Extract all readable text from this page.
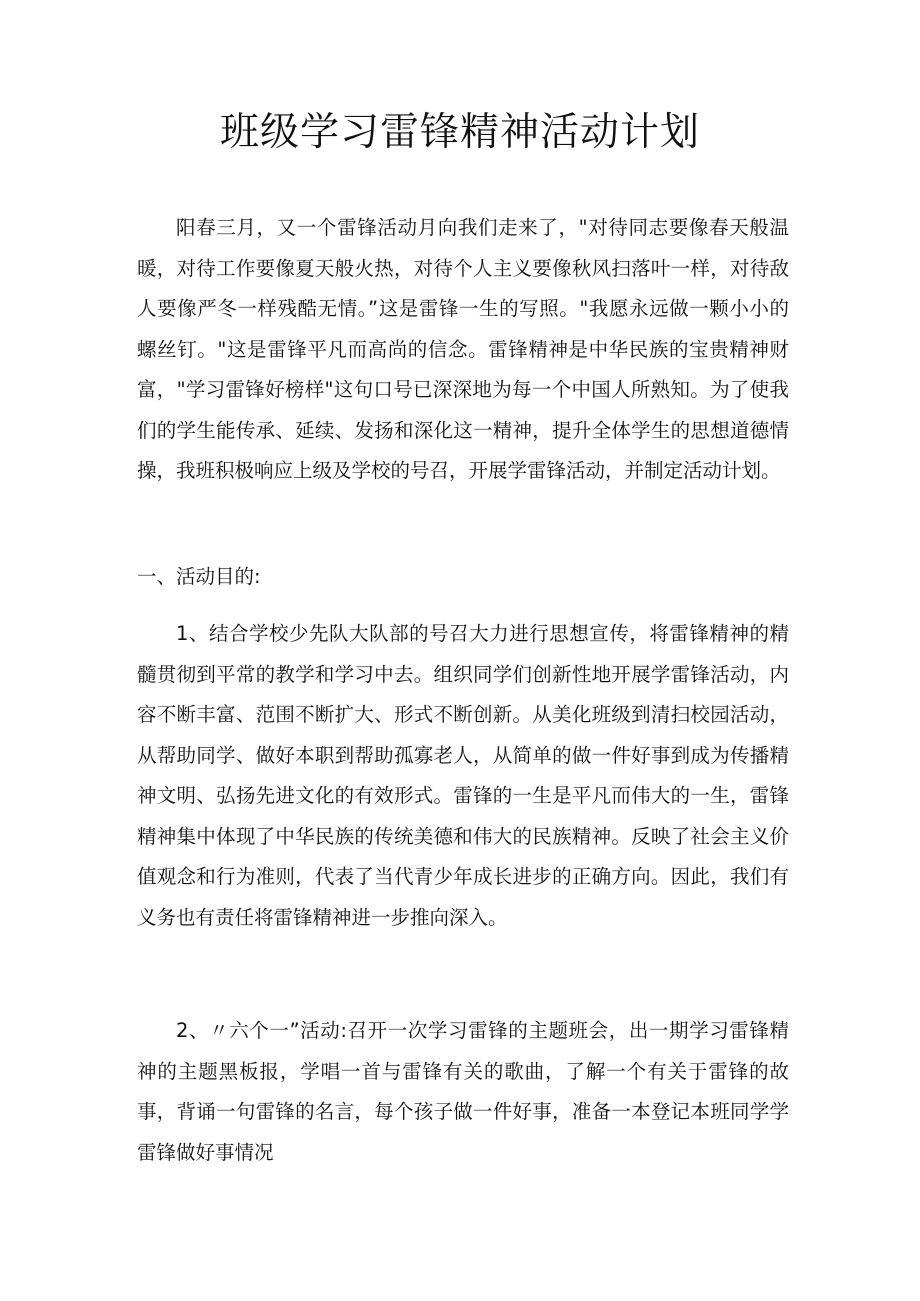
班级学习雷锋精神活动计划

阳春三月，又一个雷锋活动月向我们走来了，"对待同志要像春天般温暖，对待工作要像夏天般火热，对待个人主义要像秋风扫落叶一样，对待敌人要像严冬一样残酷无情。”这是雷锋一生的写照。"我愿永远做一颗小小的螺丝钉。"这是雷锋平凡而高尚的信念。雷锋精神是中华民族的宝贵精神财富，"学习雷锋好榜样"这句口号已深深地为每一个中国人所熟知。为了使我们的学生能传承、延续、发扬和深化这一精神，提升全体学生的思想道德情操，我班积极响应上级及学校的号召，开展学雷锋活动，并制定活动计划。

一、活动目的:

1、结合学校少先队大队部的号召大力进行思想宣传，将雷锋精神的精髓贯彻到平常的教学和学习中去。组织同学们创新性地开展学雷锋活动，内容不断丰富、范围不断扩大、形式不断创新。从美化班级到清扫校园活动，从帮助同学、做好本职到帮助孤寡老人，从简单的做一件好事到成为传播精神文明、弘扬先进文化的有效形式。雷锋的一生是平凡而伟大的一生，雷锋精神集中体现了中华民族的传统美德和伟大的民族精神。反映了社会主义价值观念和行为准则，代表了当代青少年成长进步的正确方向。因此，我们有义务也有责任将雷锋精神进一步推向深入。

2、〃六个一”活动:召开一次学习雷锋的主题班会，出一期学习雷锋精神的主题黑板报，学唱一首与雷锋有关的歌曲，了解一个有关于雷锋的故事，背诵一句雷锋的名言，每个孩子做一件好事，准备一本登记本班同学学雷锋做好事情况
